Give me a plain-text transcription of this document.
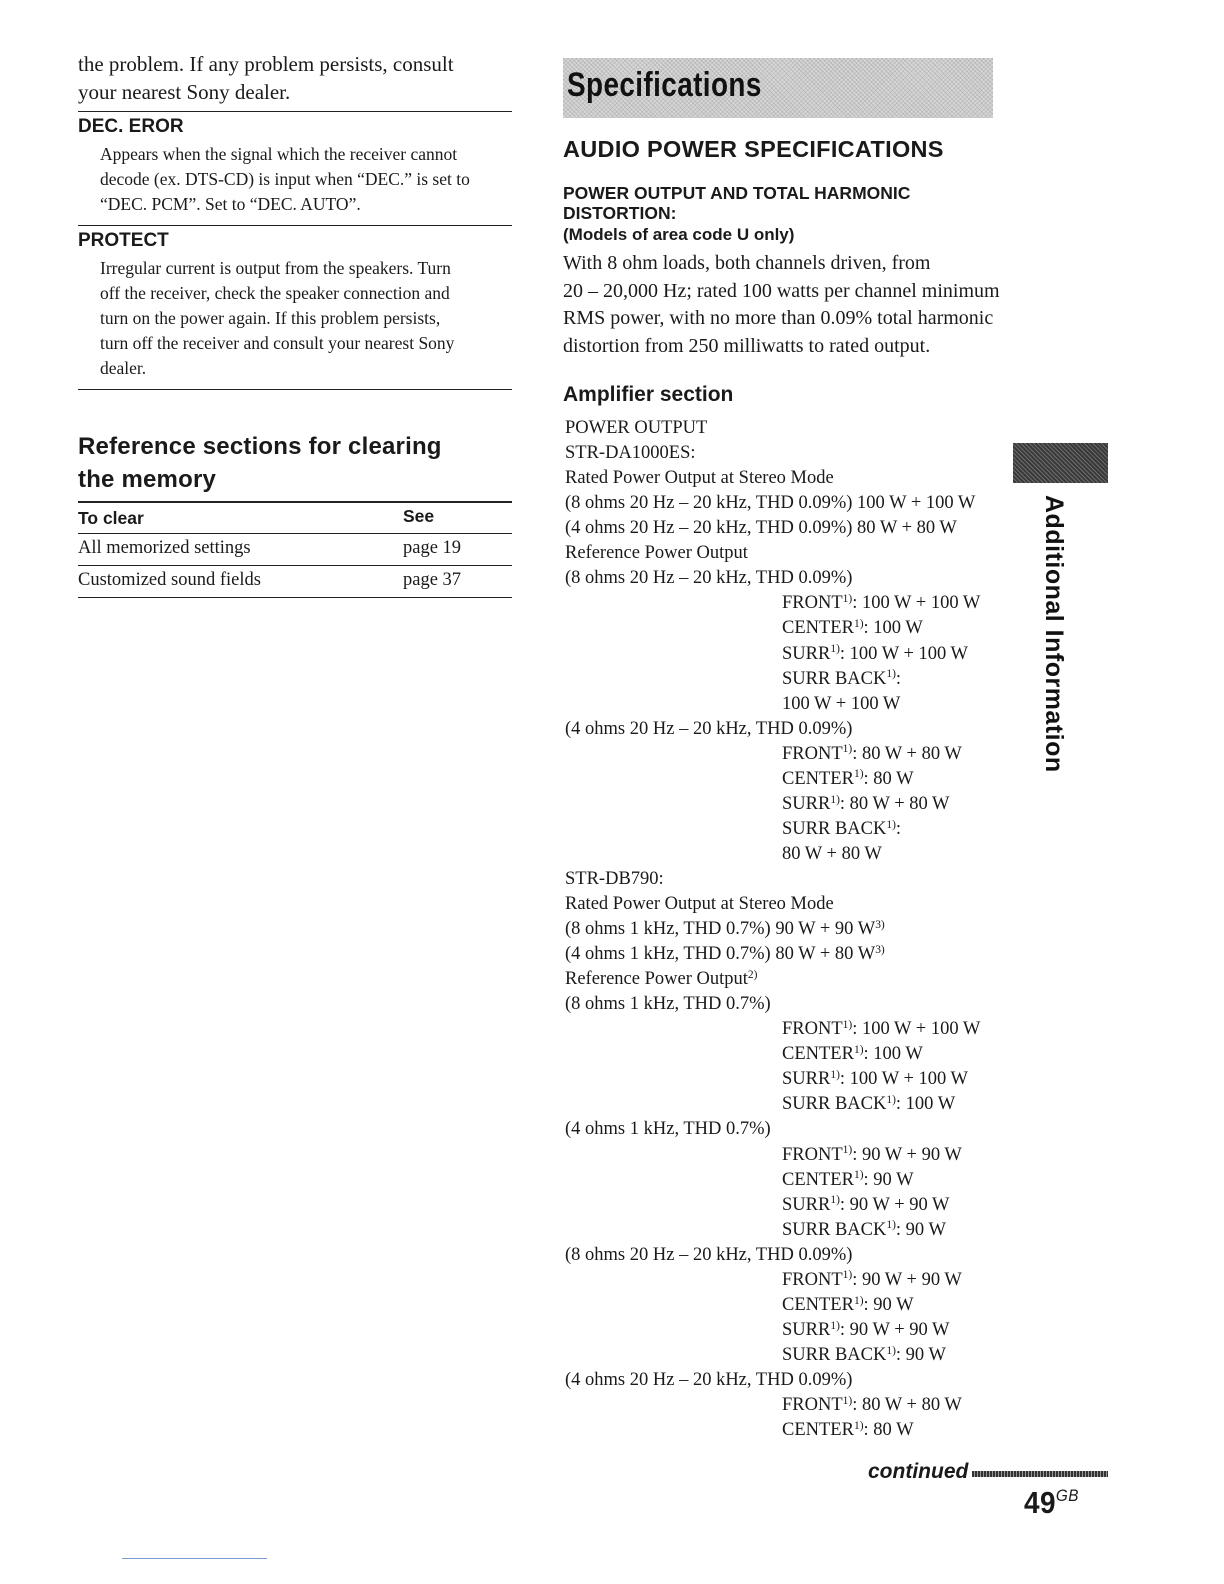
the problem. If any problem persists, consult
your nearest Sony dealer.
DEC. EROR
Appears when the signal which the receiver cannot
decode (ex. DTS-CD) is input when “DEC.” is set to
“DEC. PCM”. Set to “DEC. AUTO”.
PROTECT
Irregular current is output from the speakers. Turn
off the receiver, check the speaker connection and
turn on the power again. If this problem persists,
turn off the receiver and consult your nearest Sony
dealer.
Reference sections for clearing
the memory
To clear	See
All memorized settings	page 19
Customized sound fields	page 37
Specifications
AUDIO POWER SPECIFICATIONS
POWER OUTPUT AND TOTAL HARMONIC
DISTORTION:
(Models of area code U only)
With 8 ohm loads, both channels driven, from
20 – 20,000 Hz; rated 100 watts per channel minimum
RMS power, with no more than 0.09% total harmonic
distortion from 250 milliwatts to rated output.
Amplifier section
POWER OUTPUT
STR-DA1000ES:
Rated Power Output at Stereo Mode
(8 ohms 20 Hz – 20 kHz, THD 0.09%) 100 W + 100 W
(4 ohms 20 Hz – 20 kHz, THD 0.09%) 80 W + 80 W
Reference Power Output
(8 ohms 20 Hz – 20 kHz, THD 0.09%)
FRONT$^{1)}$: 100 W + 100 W
CENTER$^{1)}$: 100 W
SURR$^{1)}$: 100 W + 100 W
SURR BACK$^{1)}$:
100 W + 100 W
(4 ohms 20 Hz – 20 kHz, THD 0.09%)
FRONT$^{1)}$: 80 W + 80 W
CENTER$^{1)}$: 80 W
SURR$^{1)}$: 80 W + 80 W
SURR BACK$^{1)}$:
80 W + 80 W
STR-DB790:
Rated Power Output at Stereo Mode
(8 ohms 1 kHz, THD 0.7%) 90 W + 90 $W^{3)}$
(4 ohms 1 kHz, THD 0.7%) 80 W + 80 $W^{3)}$
Reference Power Output$^{2)}$
(8 ohms 1 kHz, THD 0.7%)
FRONT$^{1)}$: 100 W + 100 W
CENTER$^{1)}$: 100 W
SURR$^{1)}$: 100 W + 100 W
SURR BACK$^{1)}$: 100 W
(4 ohms 1 kHz, THD 0.7%)
FRONT$^{1)}$: 90 W + 90 W
CENTER$^{1)}$: 90 W
SURR$^{1)}$: 90 W + 90 W
SURR BACK$^{1)}$: 90 W
(8 ohms 20 Hz – 20 kHz, THD 0.09%)
FRONT$^{1)}$: 90 W + 90 W
CENTER$^{1)}$: 90 W
SURR$^{1)}$: 90 W + 90 W
SURR BACK$^{1)}$: 90 W
(4 ohms 20 Hz – 20 kHz, THD 0.09%)
FRONT$^{1)}$: 80 W + 80 W
CENTER$^{1)}$: 80 W
Additional Information
continued
$49^{GB}$
